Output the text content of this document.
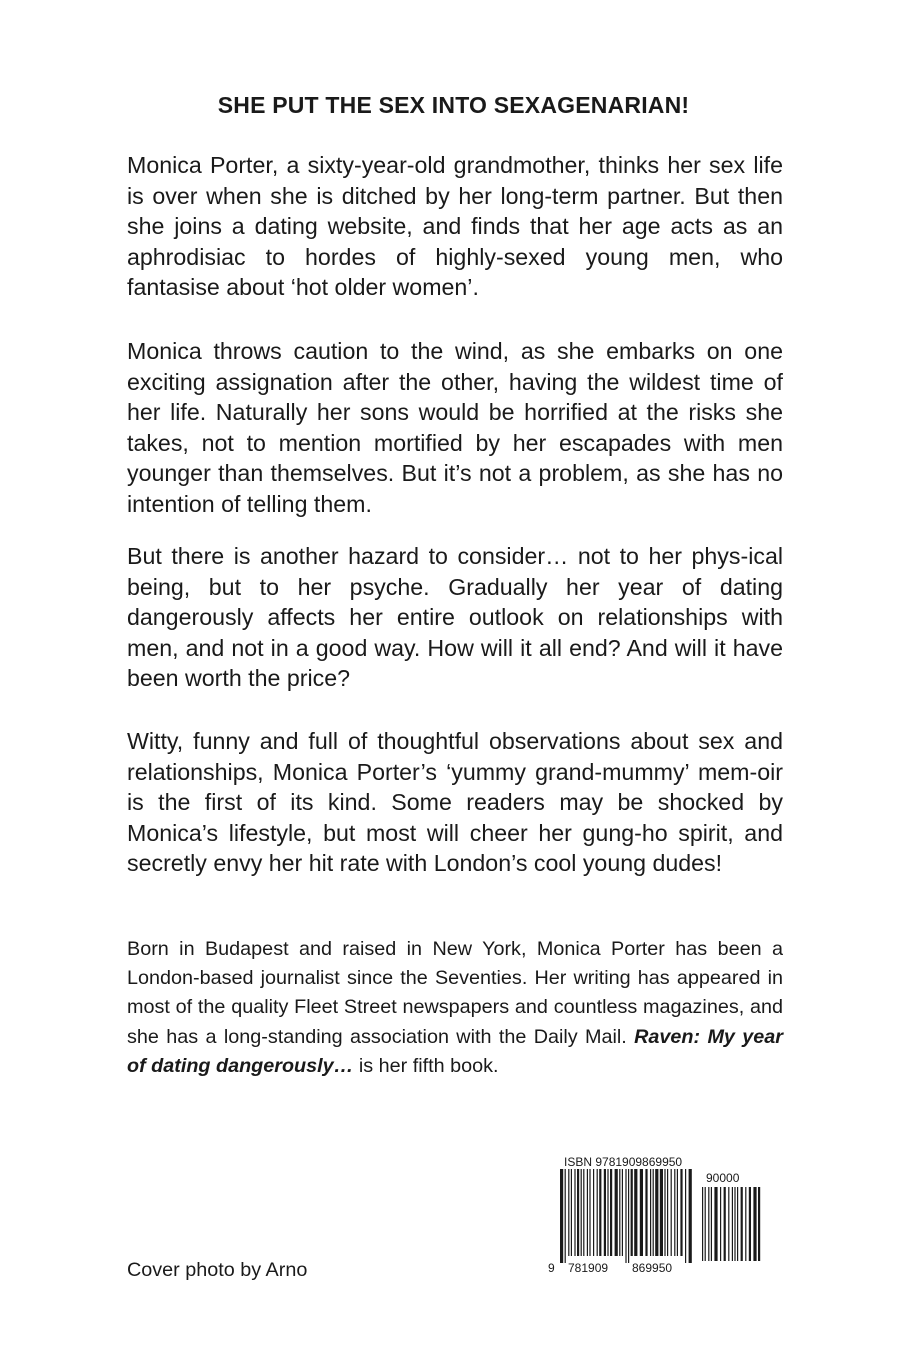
SHE PUT THE SEX INTO SEXAGENARIAN!

Monica Porter, a sixty-year-old grandmother, thinks her sex life is over when she is ditched by her long-term partner. But then she joins a dating website, and finds that her age acts as an aphrodisiac to hordes of highly-sexed young men, who fantasise about ‘hot older women’.

Monica throws caution to the wind, as she embarks on one exciting assignation after the other, having the wildest time of her life. Naturally her sons would be horrified at the risks she takes, not to mention mortified by her escapades with men younger than themselves. But it’s not a problem, as she has no intention of telling them.

But there is another hazard to consider… not to her phys-ical being, but to her psyche. Gradually her year of dating dangerously affects her entire outlook on relationships with men, and not in a good way. How will it all end? And will it have been worth the price?

Witty, funny and full of thoughtful observations about sex and relationships, Monica Porter’s ‘yummy grand-mummy’ mem-oir is the first of its kind. Some readers may be shocked by Monica’s lifestyle, but most will cheer her gung-ho spirit, and secretly envy her hit rate with London’s cool young dudes!

Born in Budapest and raised in New York, Monica Porter has been a London-based journalist since the Seventies. Her writing has appeared in most of the quality Fleet Street newspapers and countless magazines, and she has a long-standing association with the Daily Mail. Raven: My year of dating dangerously… is her fifth book.

Cover photo by Arno

ISBN 9781909869950
90000
9 781909 869950
